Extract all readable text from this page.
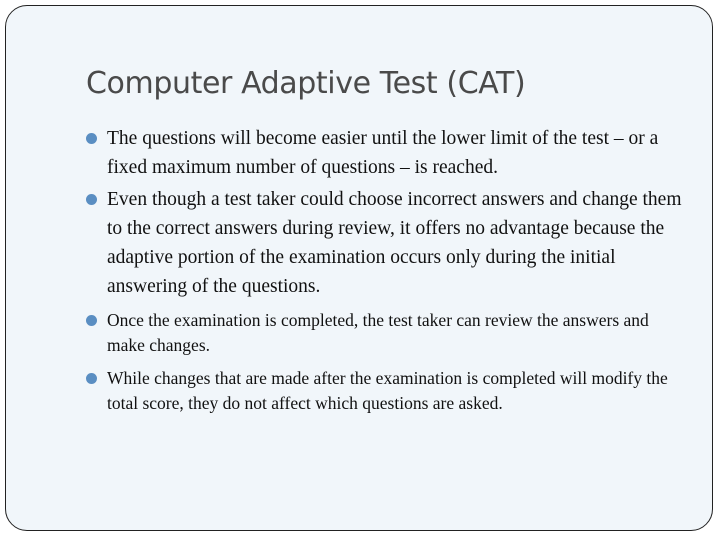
Computer Adaptive Test (CAT)
The questions will become easier until the lower limit of the test – or a fixed maximum number of questions – is reached.
Even though a test taker could choose incorrect answers and change them to the correct answers during review, it offers no advantage because the adaptive portion of the examination occurs only during the initial answering of the questions.
Once the examination is completed, the test taker can review the answers and make changes.
While changes that are made after the examination is completed will modify the total score, they do not affect which questions are asked.
